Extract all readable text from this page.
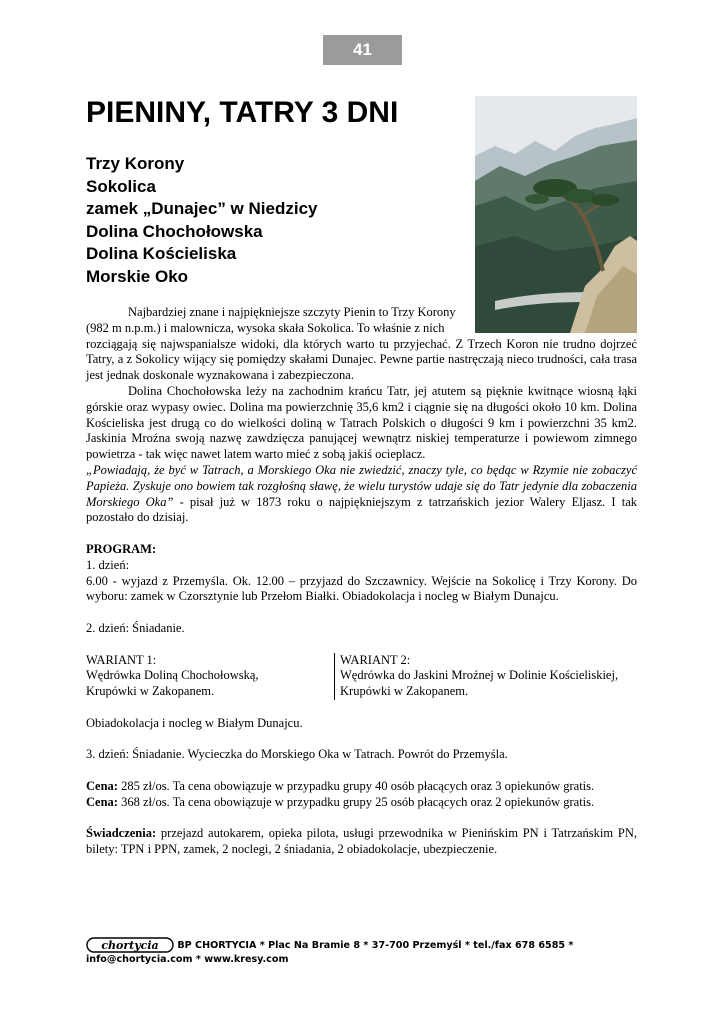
41
PIENINY, TATRY 3 DNI
Trzy Korony
Sokolica
zamek „Dunajec” w Niedzicy
Dolina Chochołowska
Dolina Kościeliska
Morskie Oko

Najbardziej znane i najpiękniejsze szczyty Pienin to Trzy Korony

(982 m n.p.m.) i malownicza, wysoka skała Sokolica. To właśnie z nich

rozciągają się najwspanialsze widoki, dla których warto tu przyjechać. Z Trzech Koron nie trudno dojrzeć Tatry, a z Sokolicy wijący się pomiędzy skałami Dunajec. Pewne partie nastręczają nieco trudności, cała trasa jest jednak doskonale wyznakowana i zabezpieczona.

Dolina Chochołowska leży na zachodnim krańcu Tatr, jej atutem są pięknie kwitnące wiosną łąki górskie oraz wypasy owiec. Dolina ma powierzchnię 35,6 km2 i ciągnie się na długości około 10 km. Dolina Kościeliska jest drugą co do wielkości doliną w Tatrach Polskich o długości 9 km i powierzchni 35 km2. Jaskinia Mroźna swoją nazwę zawdzięcza panującej wewnątrz niskiej temperaturze i powiewom zimnego powietrza - tak więc nawet latem warto mieć z sobą jakiś ocieplacz.

„Powiadają, że być w Tatrach, a Morskiego Oka nie zwiedzić, znaczy tyle, co będąc w Rzymie nie zobaczyć Papieża. Zyskuje ono bowiem tak rozgłośną sławę, że wielu turystów udaje się do Tatr jedynie dla zobaczenia Morskiego Oka” - pisał już w 1873 roku o najpiękniejszym z tatrzańskich jezior Walery Eljasz. I tak pozostało do dzisiaj.

PROGRAM:

1. dzień:

6.00 - wyjazd z Przemyśla. Ok. 12.00 – przyjazd do Szczawnicy. Wejście na Sokolicę i Trzy Korony. Do wyboru: zamek w Czorsztynie lub Przełom Białki. Obiadokolacja i nocleg w Białym Dunajcu.

2. dzień: Śniadanie.

WARIANT 1:

Wędrówka Doliną Chochołowską,

Krupówki w Zakopanem.

WARIANT 2:

Wędrówka do Jaskini Mroźnej w Dolinie Kościeliskiej,

Krupówki w Zakopanem.

Obiadokolacja i nocleg w Białym Dunajcu.

3. dzień: Śniadanie. Wycieczka do Morskiego Oka w Tatrach. Powrót do Przemyśla.

Cena: 285 zł/os. Ta cena obowiązuje w przypadku grupy 40 osób płacących oraz 3 opiekunów gratis.

Cena: 368 zł/os. Ta cena obowiązuje w przypadku grupy 25 osób płacących oraz 2 opiekunów gratis.

Świadczenia: przejazd autokarem, opieka pilota, usługi przewodnika w Pienińskim PN i Tatrzańskim PN, bilety: TPN i PPN, zamek, 2 noclegi, 2 śniadania, 2 obiadokolacje, ubezpieczenie.

chortycia BP CHORTYCIA * Plac Na Bramie 8 * 37-700 Przemyśl * tel./fax 678 6585 * info@chortycia.com * www.kresy.com
